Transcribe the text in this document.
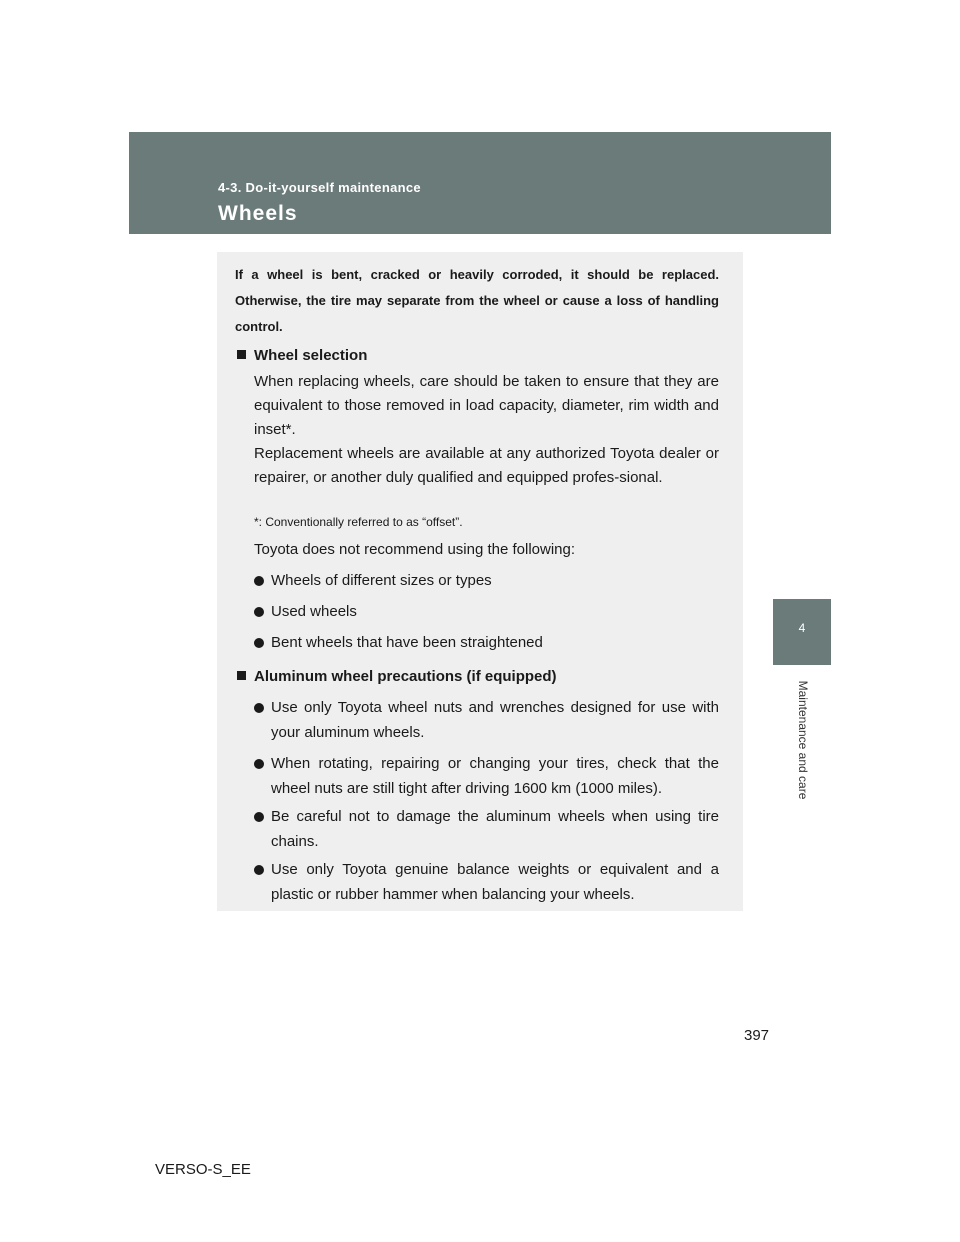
4-3. Do-it-yourself maintenance
Wheels
4
Maintenance and care
If a wheel is bent, cracked or heavily corroded, it should be replaced. Otherwise, the tire may separate from the wheel or cause a loss of handling control.
Wheel selection
When replacing wheels, care should be taken to ensure that they are equivalent to those removed in load capacity, diameter, rim width and inset*.
Replacement wheels are available at any authorized Toyota dealer or repairer, or another duly qualified and equipped profes-sional.
*: Conventionally referred to as “offset”.
Toyota does not recommend using the following:
Wheels of different sizes or types
Used wheels
Bent wheels that have been straightened
Aluminum wheel precautions (if equipped)
Use only Toyota wheel nuts and wrenches designed for use with your aluminum wheels.
When rotating, repairing or changing your tires, check that the wheel nuts are still tight after driving 1600 km (1000 miles).
Be careful not to damage the aluminum wheels when using tire chains.
Use only Toyota genuine balance weights or equivalent and a plastic or rubber hammer when balancing your wheels.
397
VERSO-S_EE
